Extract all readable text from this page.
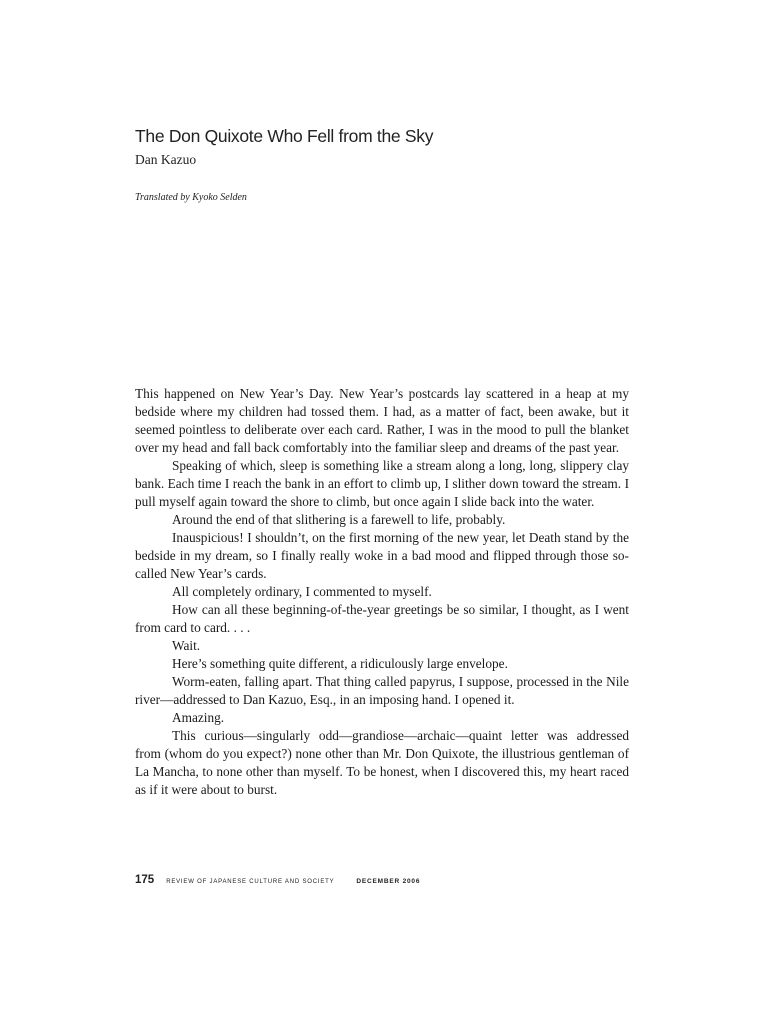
The Don Quixote Who Fell from the Sky
Dan Kazuo
Translated by Kyoko Selden

This happened on New Year’s Day. New Year’s postcards lay scattered in a heap at my bedside where my children had tossed them. I had, as a matter of fact, been awake, but it seemed pointless to deliberate over each card. Rather, I was in the mood to pull the blanket over my head and fall back comfortably into the familiar sleep and dreams of the past year.

Speaking of which, sleep is something like a stream along a long, long, slippery clay bank. Each time I reach the bank in an effort to climb up, I slither down toward the stream. I pull myself again toward the shore to climb, but once again I slide back into the water.

Around the end of that slithering is a farewell to life, probably.

Inauspicious! I shouldn’t, on the first morning of the new year, let Death stand by the bedside in my dream, so I finally really woke in a bad mood and flipped through those so-called New Year’s cards.

All completely ordinary, I commented to myself.

How can all these beginning-of-the-year greetings be so similar, I thought, as I went from card to card. . . .

Wait.

Here’s something quite different, a ridiculously large envelope.

Worm-eaten, falling apart. That thing called papyrus, I suppose, processed in the Nile river—addressed to Dan Kazuo, Esq., in an imposing hand. I opened it.

Amazing.

This curious—singularly odd—grandiose—archaic—quaint letter was addressed from (whom do you expect?) none other than Mr. Don Quixote, the illustrious gentleman of La Mancha, to none other than myself. To be honest, when I discovered this, my heart raced as if it were about to burst.

175 REVIEW OF JAPANESE CULTURE AND SOCIETY	DECEMBER 2006
